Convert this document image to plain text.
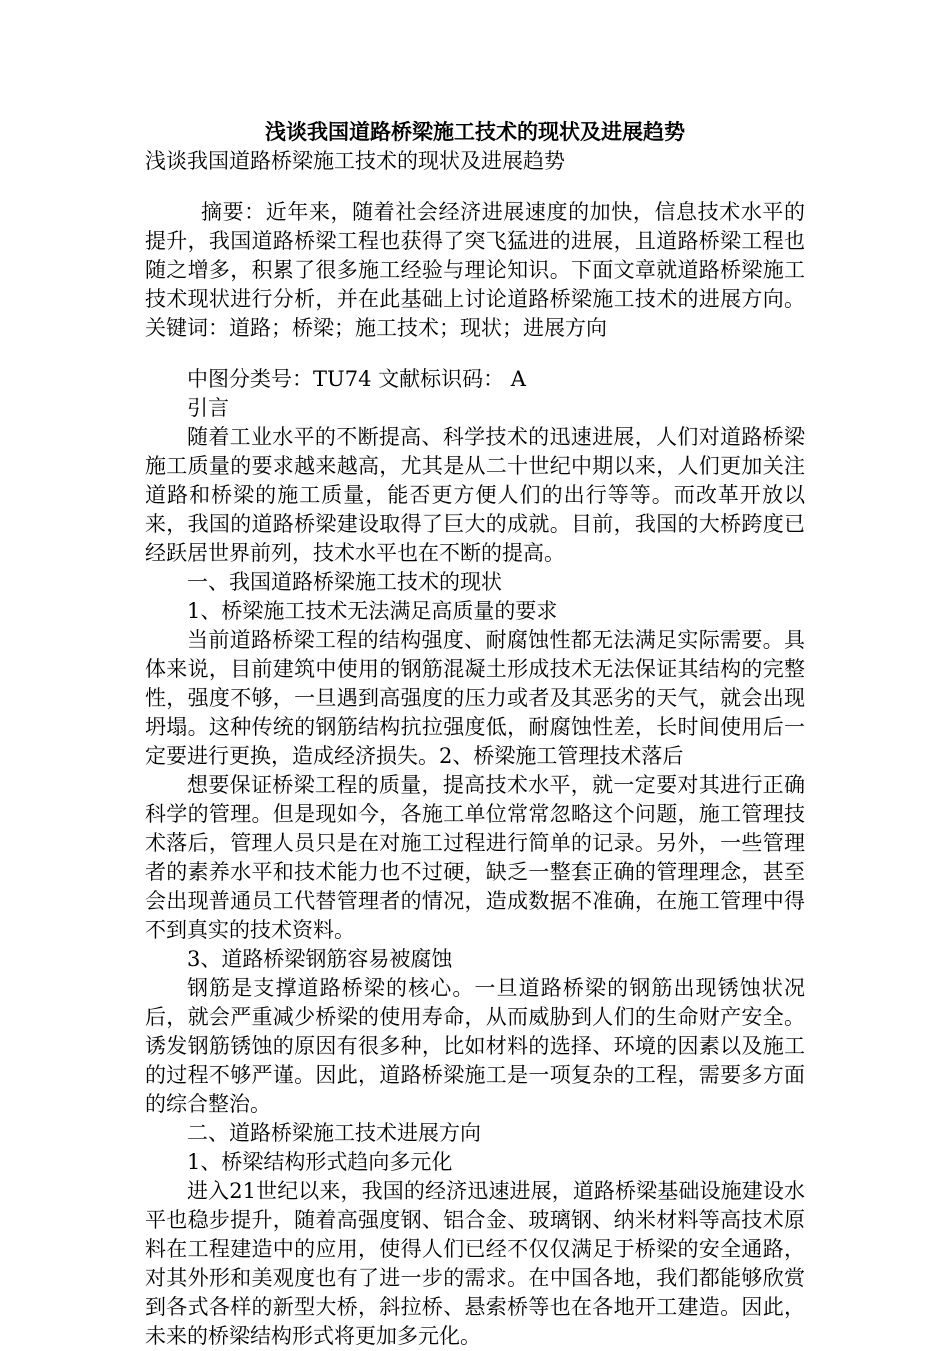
浅谈我国道路桥梁施工技术的现状及进展趋势

浅谈我国道路桥梁施工技术的现状及进展趋势

摘要：近年来，随着社会经济进展速度的加快，信息技术水平的提升，我国道路桥梁工程也获得了突飞猛进的进展，且道路桥梁工程也随之增多，积累了很多施工经验与理论知识。下面文章就道路桥梁施工技术现状进行分析，并在此基础上讨论道路桥梁施工技术的进展方向。关键词：道路；桥梁；施工技术；现状；进展方向

中图分类号：TU74 文献标识码： A

引言

随着工业水平的不断提高、科学技术的迅速进展，人们对道路桥梁施工质量的要求越来越高，尤其是从二十世纪中期以来，人们更加关注道路和桥梁的施工质量，能否更方便人们的出行等等。而改革开放以来，我国的道路桥梁建设取得了巨大的成就。目前，我国的大桥跨度已经跃居世界前列，技术水平也在不断的提高。

一、我国道路桥梁施工技术的现状

1、桥梁施工技术无法满足高质量的要求

当前道路桥梁工程的结构强度、耐腐蚀性都无法满足实际需要。具体来说，目前建筑中使用的钢筋混凝土形成技术无法保证其结构的完整性，强度不够，一旦遇到高强度的压力或者及其恶劣的天气，就会出现坍塌。这种传统的钢筋结构抗拉强度低，耐腐蚀性差，长时间使用后一定要进行更换，造成经济损失。2、桥梁施工管理技术落后

想要保证桥梁工程的质量，提高技术水平，就一定要对其进行正确科学的管理。但是现如今，各施工单位常常忽略这个问题，施工管理技术落后，管理人员只是在对施工过程进行简单的记录。另外，一些管理者的素养水平和技术能力也不过硬，缺乏一整套正确的管理理念，甚至会出现普通员工代替管理者的情况，造成数据不准确，在施工管理中得不到真实的技术资料。

3、道路桥梁钢筋容易被腐蚀

钢筋是支撑道路桥梁的核心。一旦道路桥梁的钢筋出现锈蚀状况后，就会严重减少桥梁的使用寿命，从而威胁到人们的生命财产安全。诱发钢筋锈蚀的原因有很多种，比如材料的选择、环境的因素以及施工的过程不够严谨。因此，道路桥梁施工是一项复杂的工程，需要多方面的综合整治。

二、道路桥梁施工技术进展方向

1、桥梁结构形式趋向多元化

进入21世纪以来，我国的经济迅速进展，道路桥梁基础设施建设水平也稳步提升，随着高强度钢、铝合金、玻璃钢、纳米材料等高技术原料在工程建造中的应用，使得人们已经不仅仅满足于桥梁的安全通路，对其外形和美观度也有了进一步的需求。在中国各地，我们都能够欣赏到各式各样的新型大桥，斜拉桥、悬索桥等也在各地开工建造。因此，未来的桥梁结构形式将更加多元化。
